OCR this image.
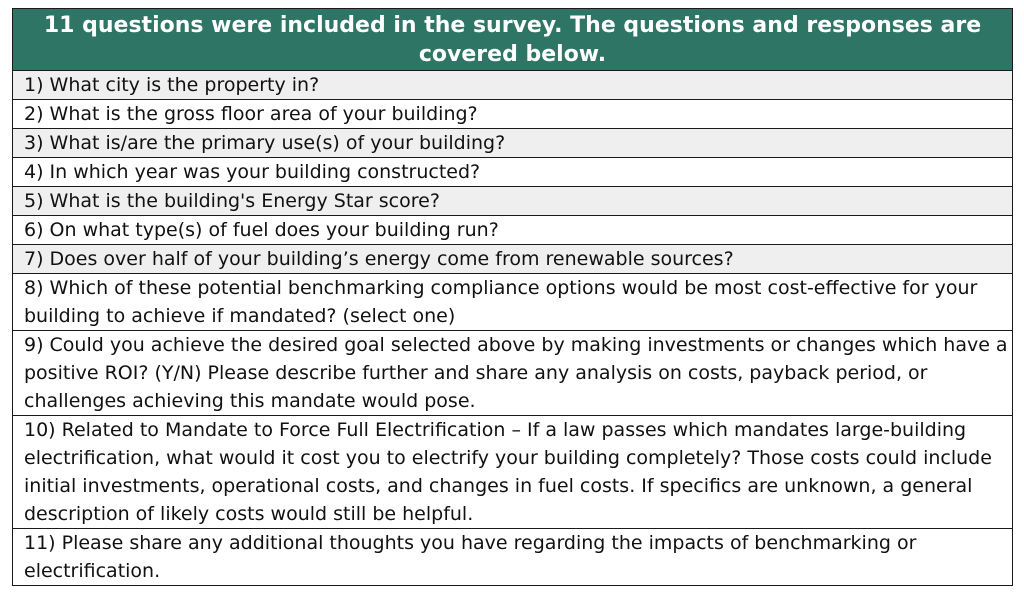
11 questions were included in the survey. The questions and responses are covered below.
1) What city is the property in?
2) What is the gross floor area of your building?
3) What is/are the primary use(s) of your building?
4) In which year was your building constructed?
5) What is the building's Energy Star score?
6) On what type(s) of fuel does your building run?
7) Does over half of your building’s energy come from renewable sources?
8) Which of these potential benchmarking compliance options would be most cost-effective for your building to achieve if mandated? (select one)
9) Could you achieve the desired goal selected above by making investments or changes which have a positive ROI? (Y/N) Please describe further and share any analysis on costs, payback period, or challenges achieving this mandate would pose.
10) Related to Mandate to Force Full Electrification – If a law passes which mandates large-building electrification, what would it cost you to electrify your building completely? Those costs could include initial investments, operational costs, and changes in fuel costs. If specifics are unknown, a general description of likely costs would still be helpful.
11) Please share any additional thoughts you have regarding the impacts of benchmarking or electrification.
